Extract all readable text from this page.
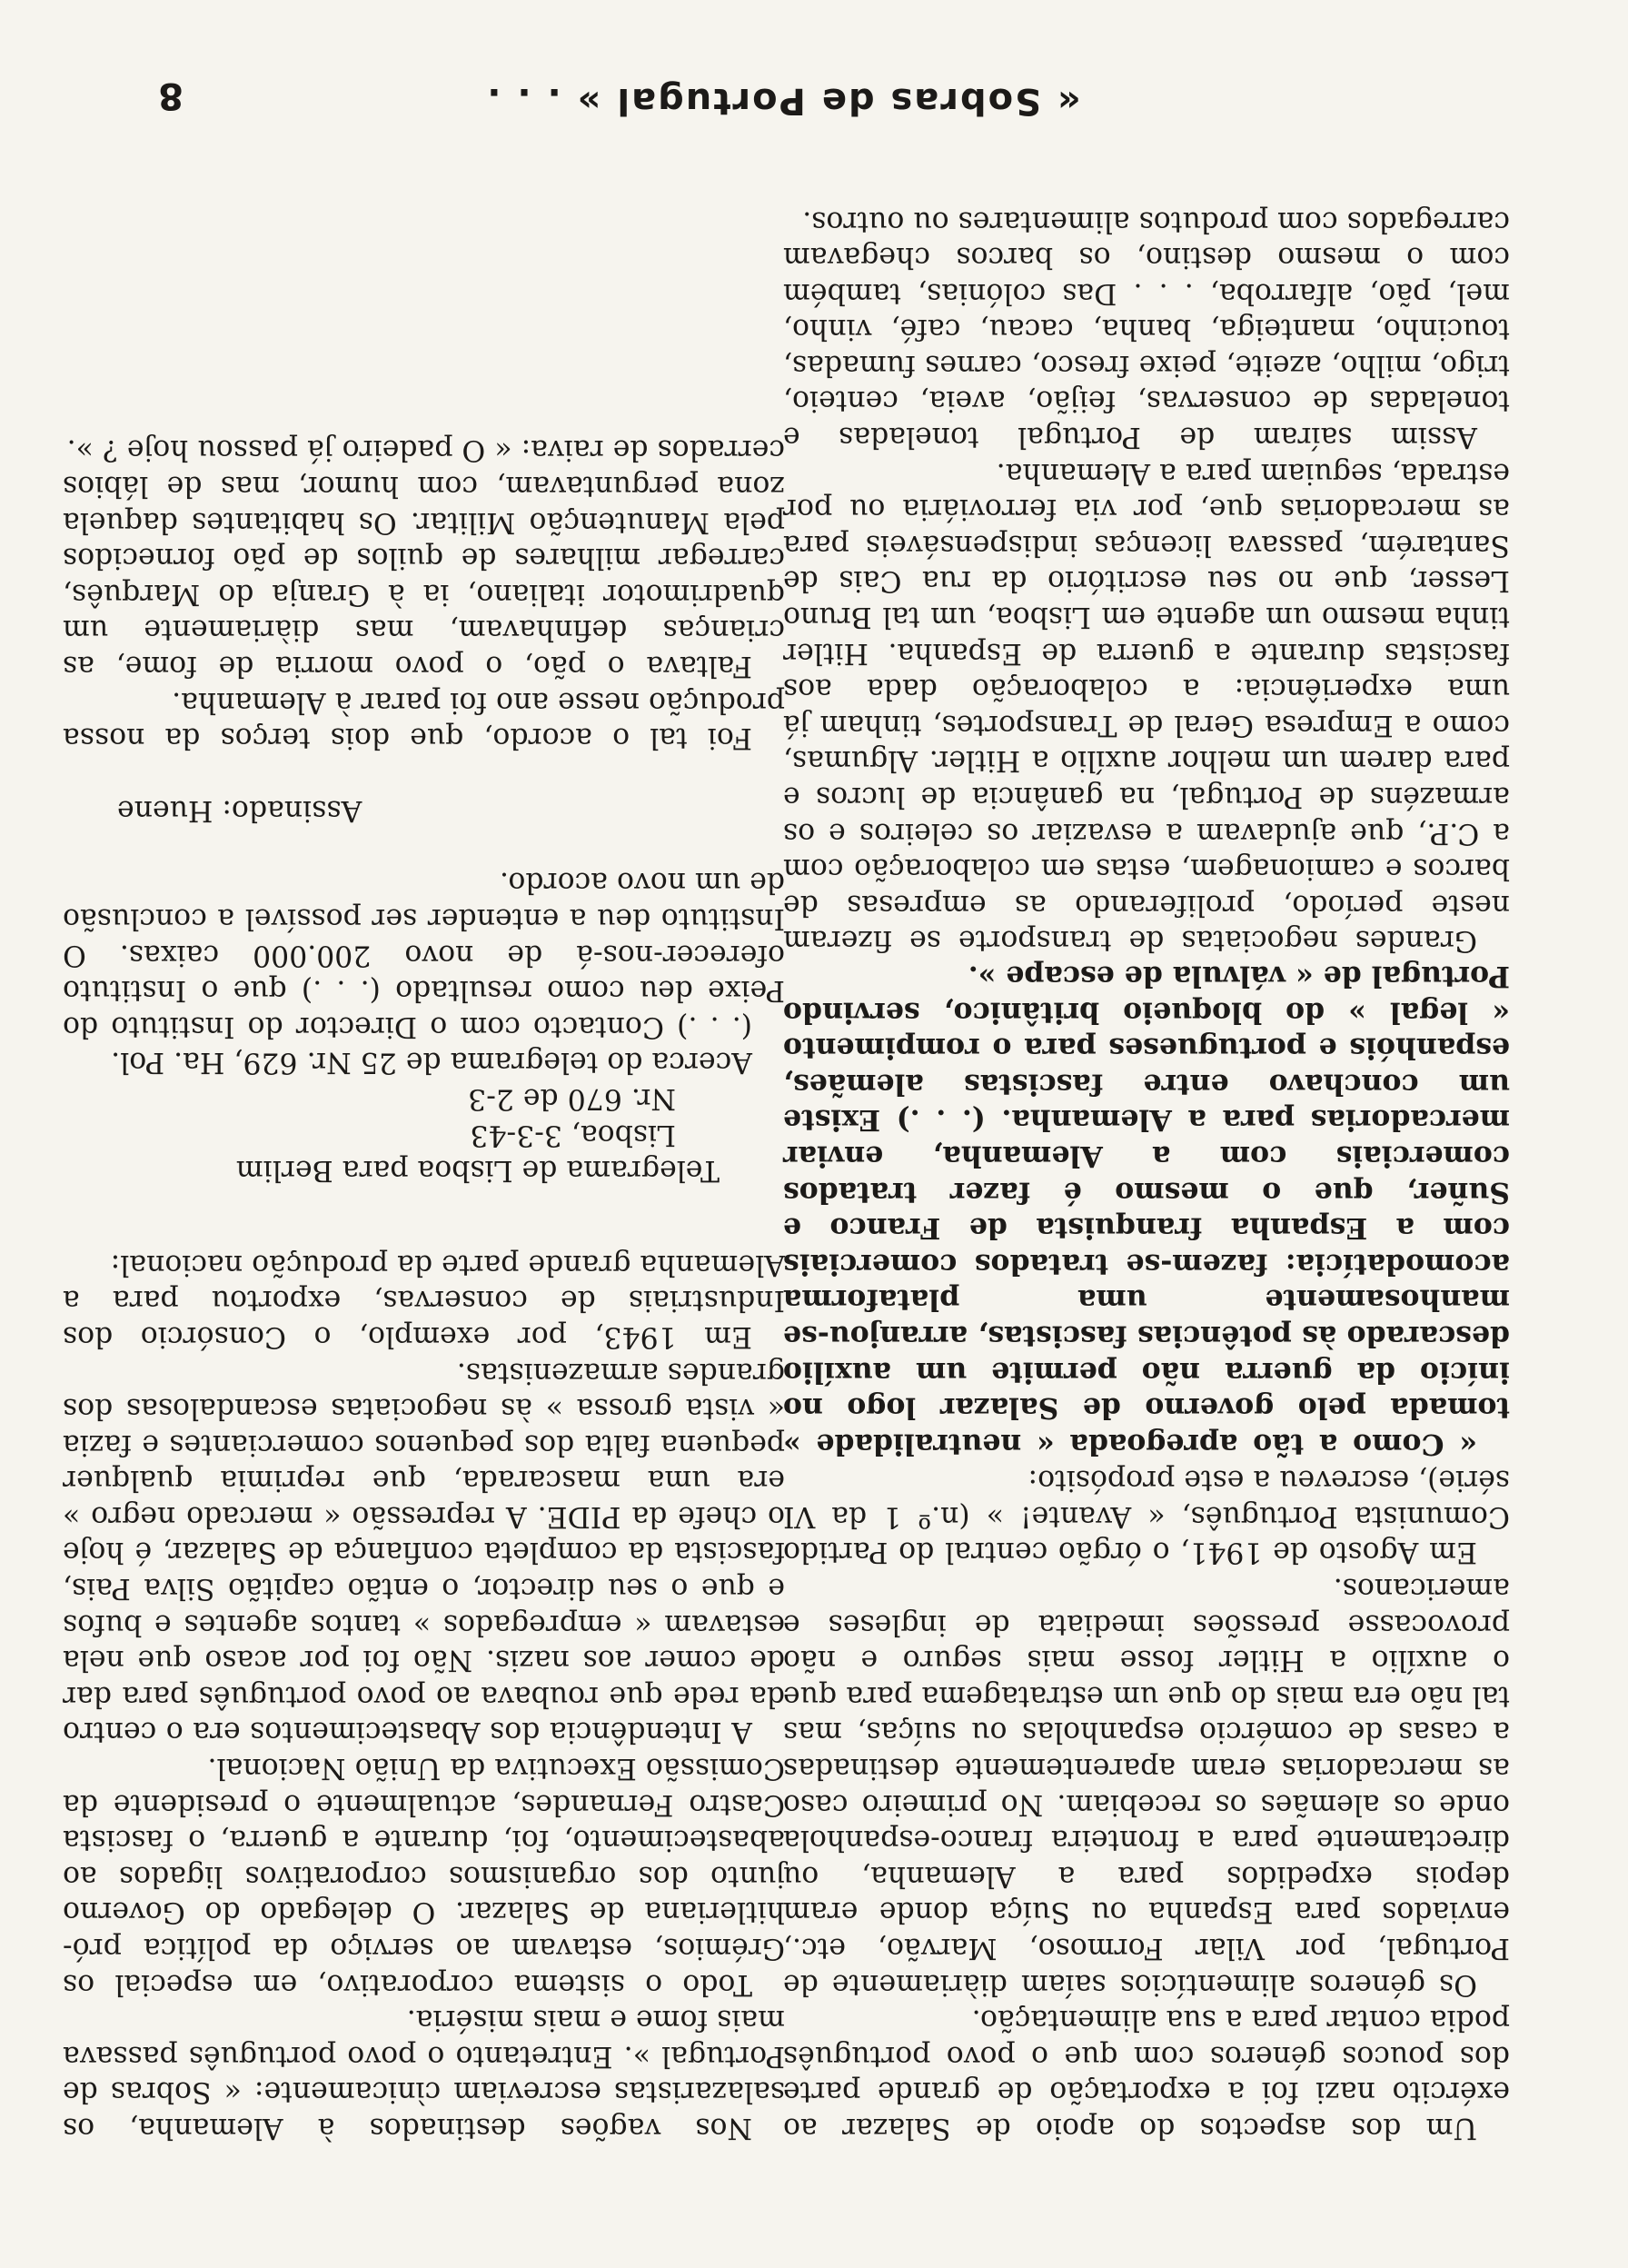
« Sobras de Portugal » . . .
8

Um dos aspectos do apoio de Salazar ao exército nazi foi a exportação de grande parte dos poucos géneros com que o povo português podia contar para a sua alimentação.

Os géneros alimentícios saíam diàriamente de Portugal, por Vilar Formoso, Marvão, etc., enviados para Espanha ou Suíça donde eram depois expedidos para a Alemanha, ou directamente para a fronteira franco-espanhola onde os alemães os recebiam. No primeiro caso as mercadorias eram aparentemente destinadas a casas de comércio espanholas ou suíças, mas tal não era mais do que um estratagema para que o auxílio a Hitler fosse mais seguro e não provocasse pressões imediata de ingleses e americanos.

Em Agosto de 1941, o órgão central do Partido Comunista Português, « Avante! » (n.º 1 da VI série), escreveu a este propósito:

« Como a tão apregoada « neutralidade » tomada pelo governo de Salazar logo no início da guerra não permite um auxílio descarado às potências fascistas, arranjou-se manhosamente uma plataforma acomodatícia: fazem-se tratados comerciais com a Espanha franquista de Franco e Suñer, que o mesmo é fazer tratados comerciais com a Alemanha, enviar mercadorias para a Alemanha. (. . .) Existe um conchavo entre fascistas alemães, espanhóis e portugueses para o rompimento « legal » do bloqueio britânico, servindo Portugal de « válvula de escape ».

Grandes negociatas de transporte se fizeram neste período, proliferando as empresas de barcos e camionagem, estas em colaboração com a C.P., que ajudavam a esvaziar os celeiros e os armazéns de Portugal, na ganância de lucros e para darem um melhor auxílio a Hitler. Algumas, como a Empresa Geral de Transportes, tinham já uma experiência: a colaboração dada aos fascistas durante a guerra de Espanha. Hitler tinha mesmo um agente em Lisboa, um tal Bruno Lesser, que no seu escritório da rua Cais de Santarém, passava licenças indispensáveis para as mercadorias que, por via ferroviária ou por estrada, seguiam para a Alemanha.

Assim saíram de Portugal toneladas e toneladas de conservas, feijão, aveia, centeio, trigo, milho, azeite, peixe fresco, carnes fumadas, toucinho, manteiga, banha, cacau, café, vinho, mel, pão, alfarroba, . . . Das colónias, também com o mesmo destino, os barcos chegavam carregados com produtos alimentares ou outros.

Nos vagões destinados à Alemanha, os salazaristas escreviam cìnicamente: « Sobras de Portugal ». Entretanto o povo português passava mais fome e mais miséria.

Todo o sistema corporativo, em especial os Grémios, estavam ao serviço da política pró-hitleriana de Salazar. O delegado do Governo junto dos organismos corporativos ligados ao abastecimento, foi, durante a guerra, o fascista Castro Fernandes, actualmente o presidente da Comissão Executiva da União Nacional.

A Intendência dos Abastecimentos era o centro da rede que roubava ao povo português para dar de comer aos nazis. Não foi por acaso que nela estavam « empregados » tantos agentes e bufos e que o seu director, o então capitão Silva Pais, fascista da completa confiança de Salazar, é hoje o chefe da PIDE. A repressão « mercado negro » era uma mascarada, que reprimia qualquer pequena falta dos pequenos comerciantes e fazia « vista grossa » às negociatas escandalosas dos grandes armazenistas.

Em 1943, por exemplo, o Consórcio dos Industriais de conservas, exportou para a Alemanha grande parte da produção nacional:

Telegrama de Lisboa para Berlim

Lisboa, 3-3-43

Nr. 670 de 2-3

Acerca do telegrama de 25 Nr. 629, Ha. Pol.

(. . .) Contacto com o Director do Instituto do Peixe deu como resultado (. . .) que o Instituto oferecer-nos-á de novo 200.000 caixas. O Instituto deu a entender ser possível a conclusão de um novo acordo.

Assinado: Huene

Foi tal o acordo, que dois terços da nossa produção nesse ano foi parar à Alemanha.

Faltava o pão, o povo morria de fome, as crianças definhavam, mas diàriamente um quadrimotor italiano, ia à Granja do Marquês, carregar milhares de quilos de pão fornecidos pela Manutenção Militar. Os habitantes daquela zona perguntavam, com humor, mas de lábios cerrados de raiva: « O padeiro já passou hoje ? ».
